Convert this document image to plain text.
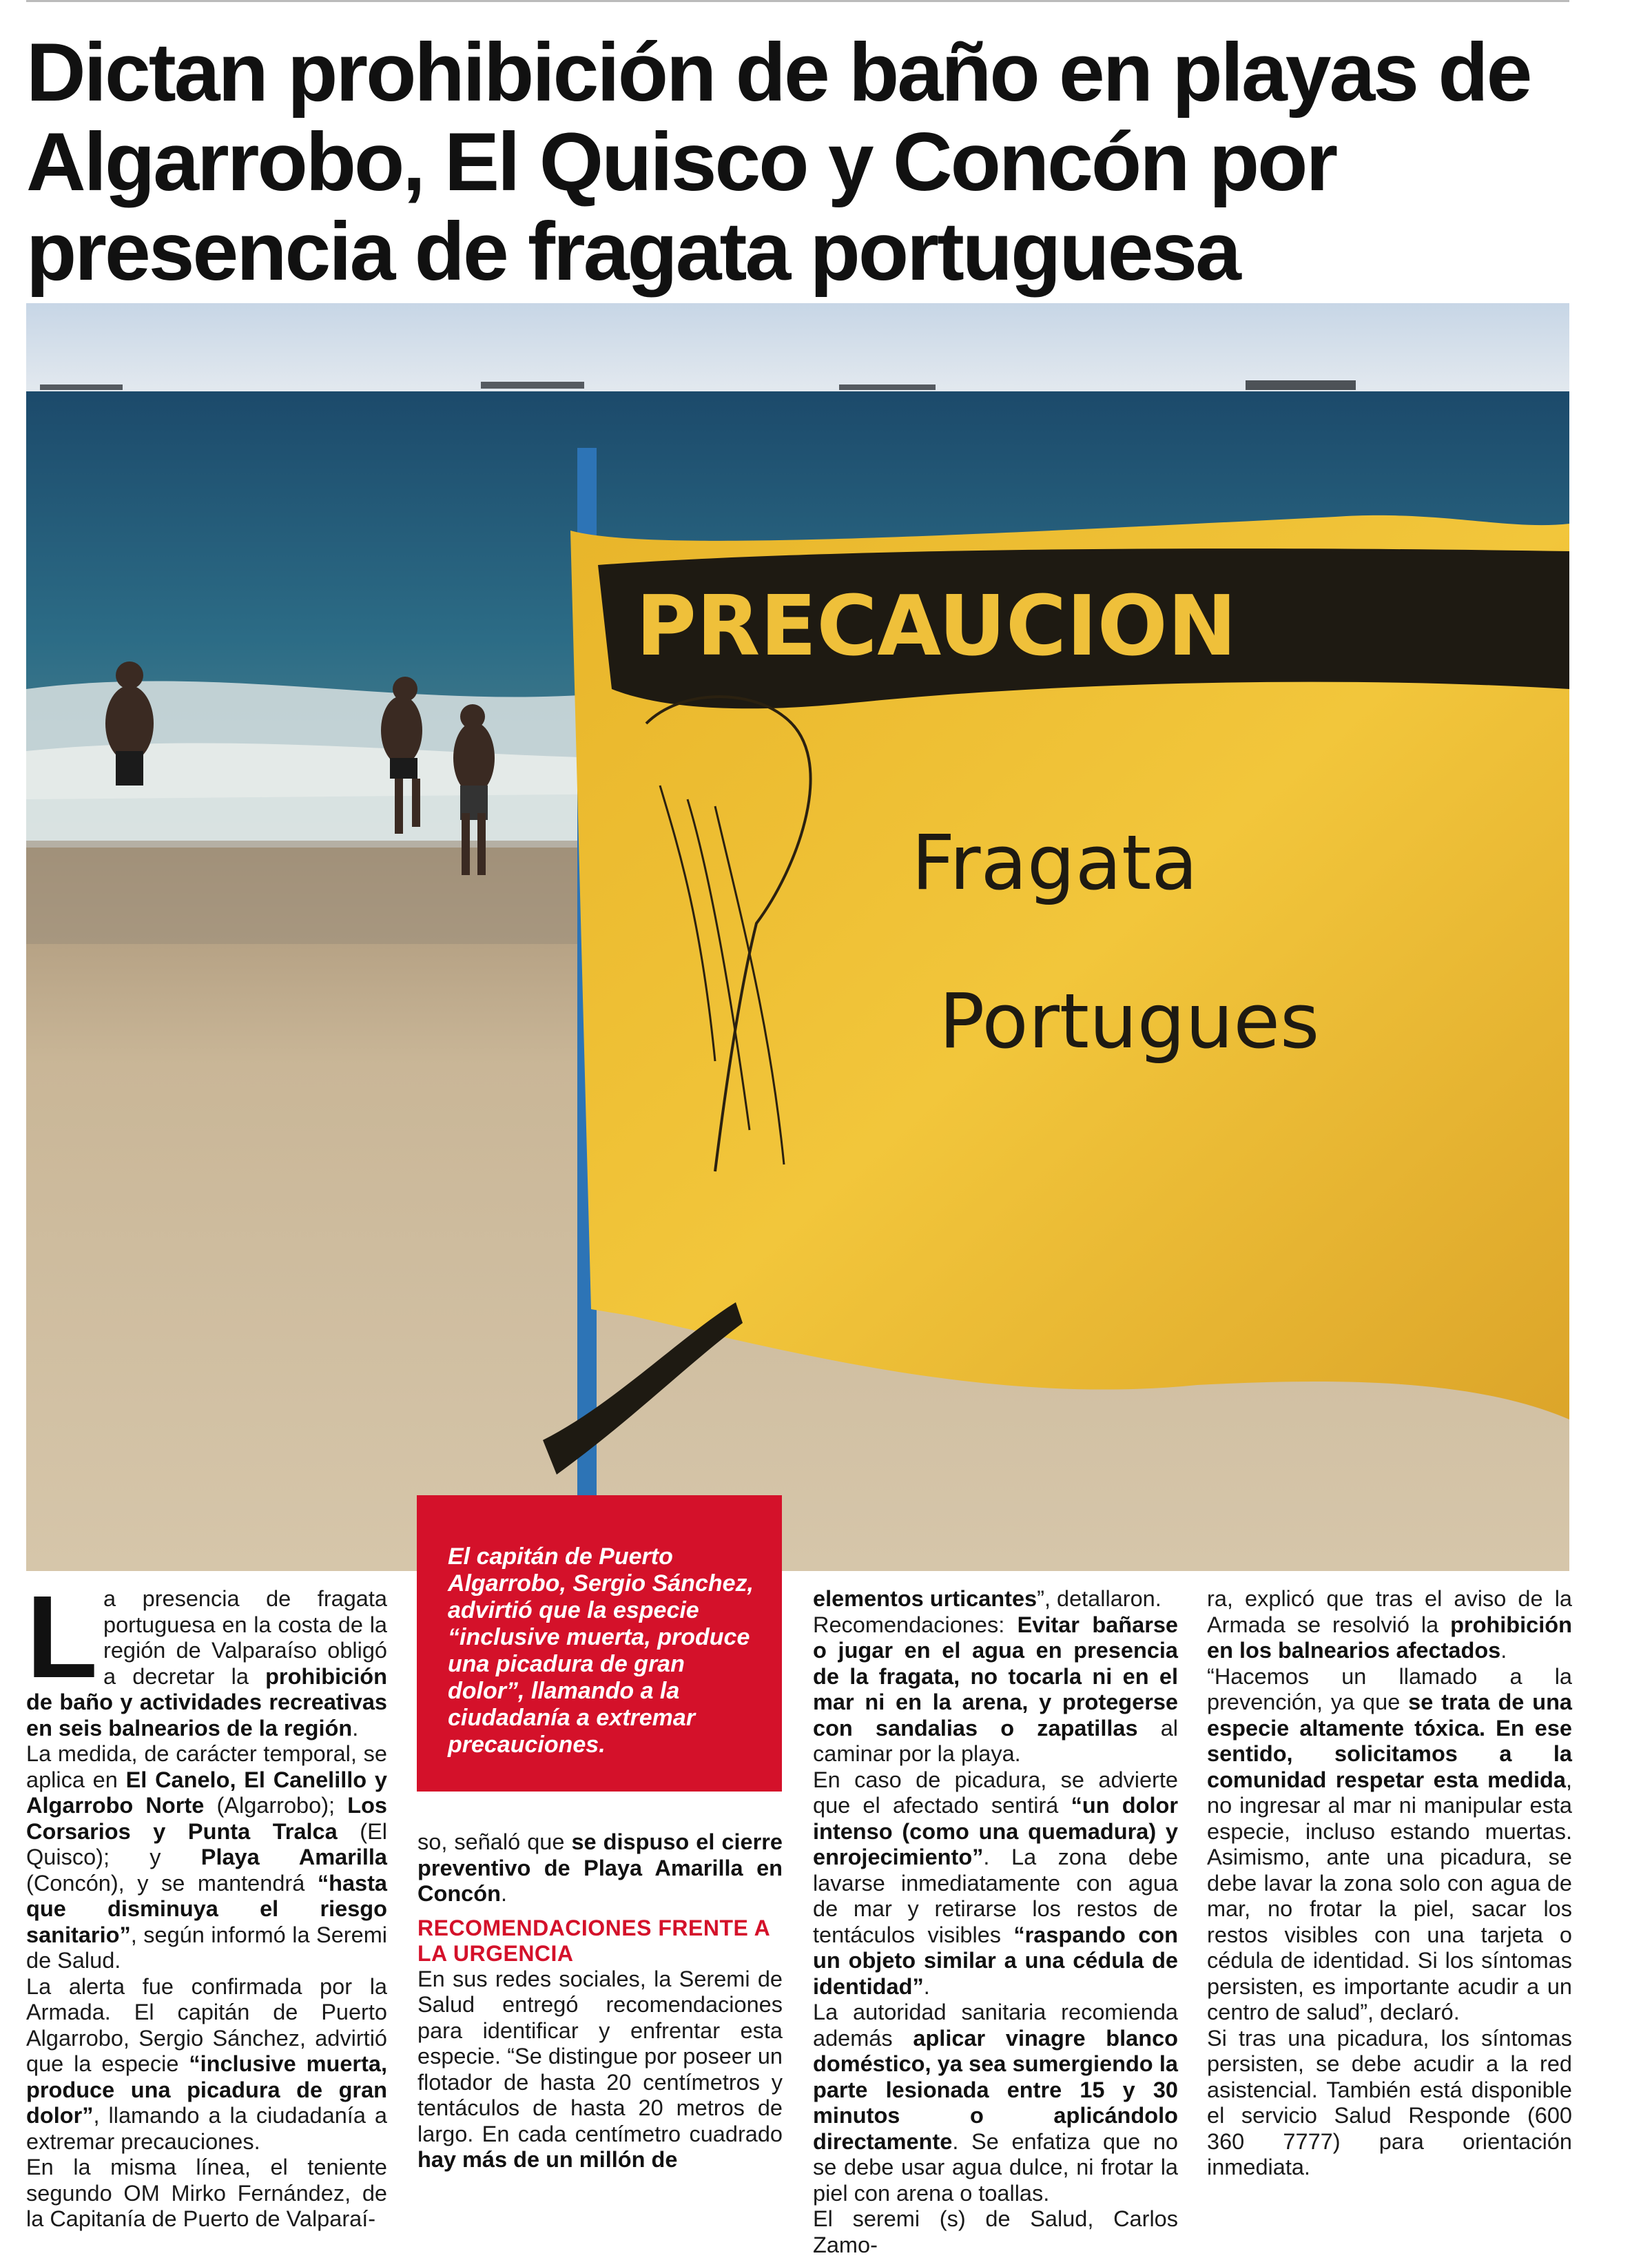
Dictan prohibición de baño en playas de Algarrobo, El Quisco y Concón por presencia de fragata portuguesa
PRECAUCION
Fragata
Portugues

El capitán de Puerto Algarrobo, Sergio Sánchez, advirtió que la especie “inclusive muerta, produce una picadura de gran dolor”, llamando a la ciudadanía a extremar precauciones.

La presencia de fragata portuguesa en la costa de la región de Valparaíso obligó a decretar la prohibición de baño y actividades recreativas en seis balnearios de la región.

La medida, de carácter temporal, se aplica en El Canelo, El Canelillo y Algarrobo Norte (Algarrobo); Los Corsarios y Punta Tralca (El Quisco); y Playa Amarilla (Concón), y se mantendrá “hasta que disminuya el riesgo sanitario”, según informó la Seremi de Salud.

La alerta fue confirmada por la Armada. El capitán de Puerto Algarrobo, Sergio Sánchez, advirtió que la especie “inclusive muerta, produce una picadura de gran dolor”, llamando a la ciudadanía a extremar precauciones.

En la misma línea, el teniente segundo OM Mirko Fernández, de la Capitanía de Puerto de Valparaí-

so, señaló que se dispuso el cierre preventivo de Playa Amarilla en Concón.

RECOMENDACIONES FRENTE A LA URGENCIA

En sus redes sociales, la Seremi de Salud entregó recomendaciones para identificar y enfrentar esta especie. “Se distingue por poseer un flotador de hasta 20 centímetros y tentáculos de hasta 20 metros de largo. En cada centímetro cuadrado hay más de un millón de

elementos urticantes”, detallaron.

Recomendaciones: Evitar bañarse o jugar en el agua en presencia de la fragata, no tocarla ni en el mar ni en la arena, y protegerse con sandalias o zapatillas al caminar por la playa.

En caso de picadura, se advierte que el afectado sentirá “un dolor intenso (como una quemadura) y enrojecimiento”. La zona debe lavarse inmediatamente con agua de mar y retirarse los restos de tentáculos visibles “raspando con un objeto similar a una cédula de identidad”.

La autoridad sanitaria recomienda además aplicar vinagre blanco doméstico, ya sea sumergiendo la parte lesionada entre 15 y 30 minutos o aplicándolo directamente. Se enfatiza que no se debe usar agua dulce, ni frotar la piel con arena o toallas.

El seremi (s) de Salud, Carlos Zamo-

ra, explicó que tras el aviso de la Armada se resolvió la prohibición en los balnearios afectados.

“Hacemos un llamado a la prevención, ya que se trata de una especie altamente tóxica. En ese sentido, solicitamos a la comunidad respetar esta medida, no ingresar al mar ni manipular esta especie, incluso estando muertas. Asimismo, ante una picadura, se debe lavar la zona solo con agua de mar, no frotar la piel, sacar los restos visibles con una tarjeta o cédula de identidad. Si los síntomas persisten, es importante acudir a un centro de salud”, declaró.

Si tras una picadura, los síntomas persisten, se debe acudir a la red asistencial. También está disponible el servicio Salud Responde (600 360 7777) para orientación inmediata.
